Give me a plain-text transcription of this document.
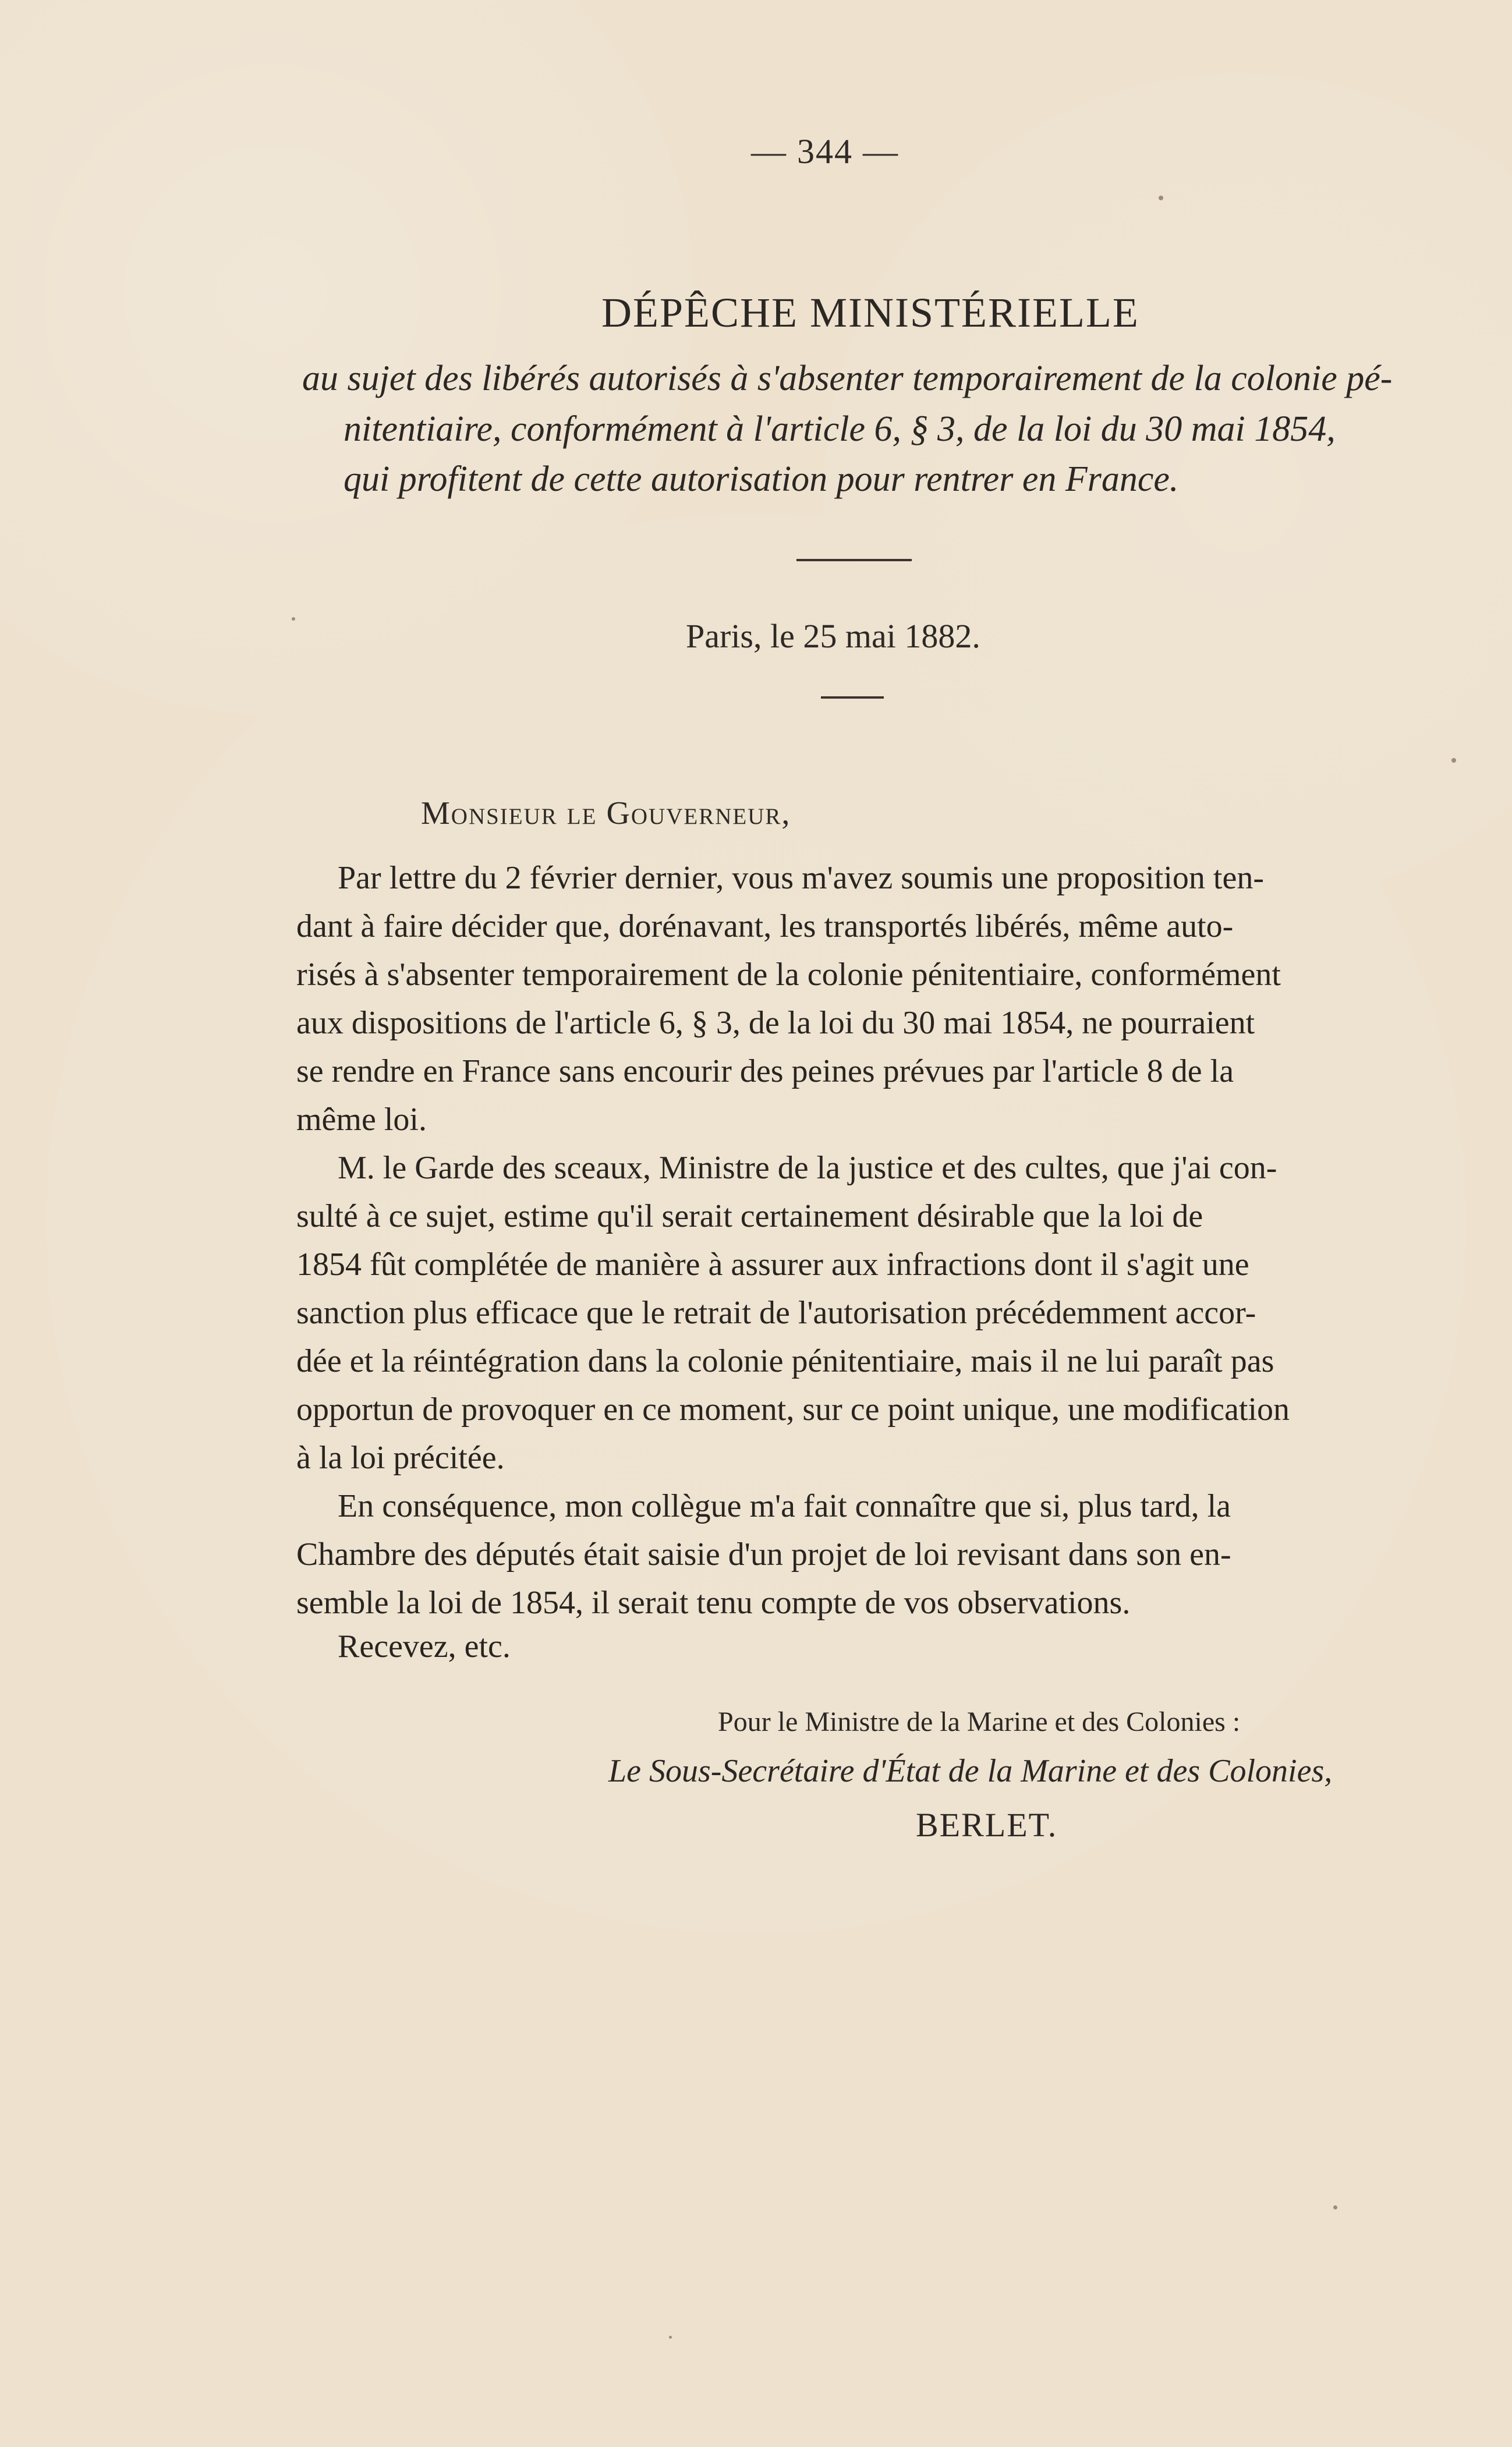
— 344 —
DÉPÊCHE MINISTÉRIELLE
au sujet des libérés autorisés à s'absenter temporairement de la colonie pé-
nitentiaire, conformément à l'article 6, § 3, de la loi du 30 mai 1854,
qui profitent de cette autorisation pour rentrer en France.
Paris, le 25 mai 1882.
Monsieur le Gouverneur,
Par lettre du 2 février dernier, vous m'avez soumis une proposition ten-
dant à faire décider que, dorénavant, les transportés libérés, même auto-
risés à s'absenter temporairement de la colonie pénitentiaire, conformément
aux dispositions de l'article 6, § 3, de la loi du 30 mai 1854, ne pourraient
se rendre en France sans encourir des peines prévues par l'article 8 de la
même loi.
M. le Garde des sceaux, Ministre de la justice et des cultes, que j'ai con-
sulté à ce sujet, estime qu'il serait certainement désirable que la loi de
1854 fût complétée de manière à assurer aux infractions dont il s'agit une
sanction plus efficace que le retrait de l'autorisation précédemment accor-
dée et la réintégration dans la colonie pénitentiaire, mais il ne lui paraît pas
opportun de provoquer en ce moment, sur ce point unique, une modification
à la loi précitée.
En conséquence, mon collègue m'a fait connaître que si, plus tard, la
Chambre des députés était saisie d'un projet de loi revisant dans son en-
semble la loi de 1854, il serait tenu compte de vos observations.
Recevez, etc.
Pour le Ministre de la Marine et des Colonies :
Le Sous-Secrétaire d'État de la Marine et des Colonies,
BERLET.
